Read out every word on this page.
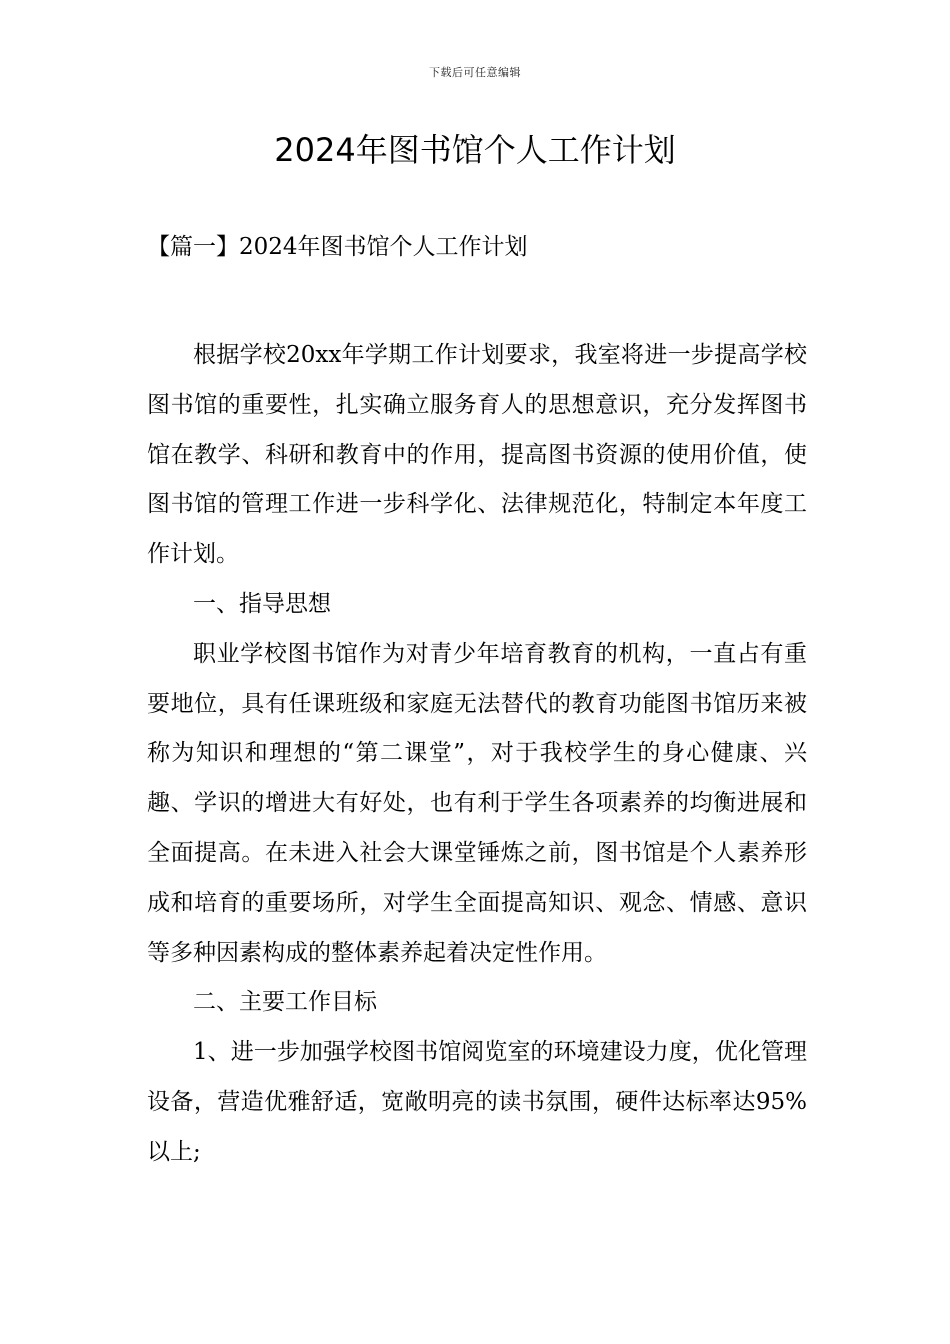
下载后可任意编辑
2024年图书馆个人工作计划
【篇一】2024年图书馆个人工作计划

根据学校20xx年学期工作计划要求，我室将进一步提高学校图书馆的重要性，扎实确立服务育人的思想意识，充分发挥图书馆在教学、科研和教育中的作用，提高图书资源的使用价值，使图书馆的管理工作进一步科学化、法律规范化，特制定本年度工作计划。

一、指导思想

职业学校图书馆作为对青少年培育教育的机构，一直占有重要地位，具有任课班级和家庭无法替代的教育功能图书馆历来被称为知识和理想的“第二课堂”，对于我校学生的身心健康、兴趣、学识的增进大有好处，也有利于学生各项素养的均衡进展和全面提高。在未进入社会大课堂锤炼之前，图书馆是个人素养形成和培育的重要场所，对学生全面提高知识、观念、情感、意识等多种因素构成的整体素养起着决定性作用。

二、主要工作目标

1、进一步加强学校图书馆阅览室的环境建设力度，优化管理设备，营造优雅舒适，宽敞明亮的读书氛围，硬件达标率达95%以上;
